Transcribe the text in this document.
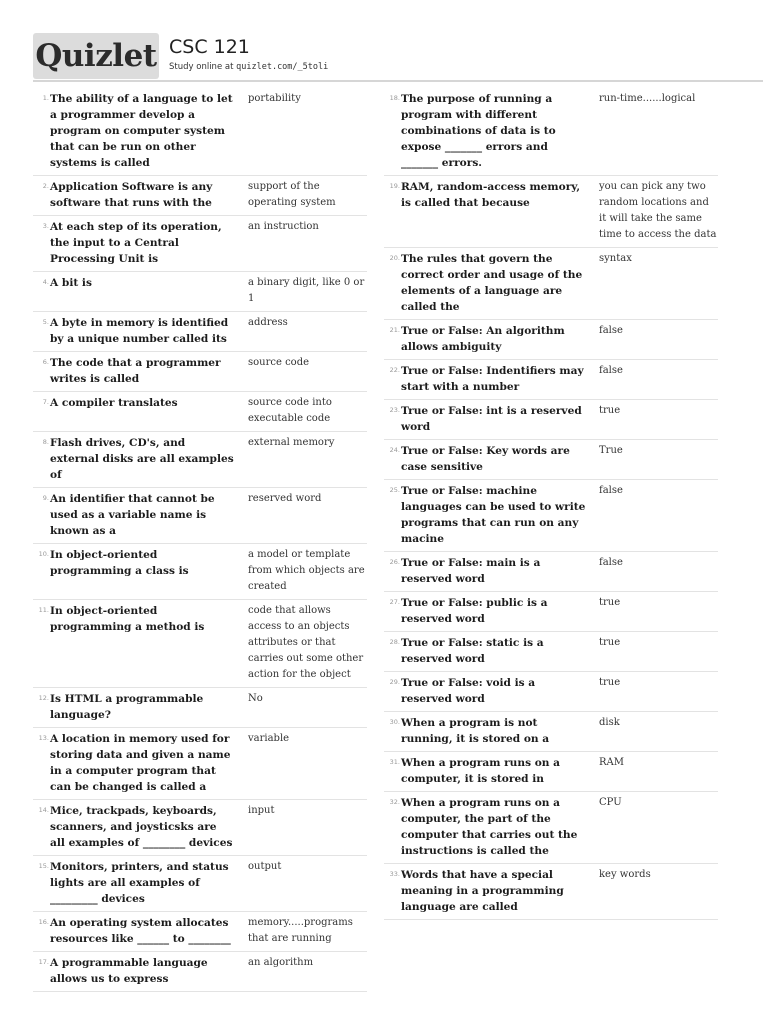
Quizlet CSC 121
Study online at quizlet.com/_5toli
1. The ability of a language to let a programmer develop a program on computer system that can be run on other systems is called
portability
2. Application Software is any software that runs with the
support of the operating system
3. At each step of its operation, the input to a Central Processing Unit is
an instruction
4. A bit is	a binary digit, like 0 or 1
5. A byte in memory is identified by a unique number called its
address
6. The code that a programmer writes is called
source code
7. A compiler translates	source code into executable code
8. Flash drives, CD's, and external disks are all examples of
external memory
9. An identifier that cannot be used as a variable name is known as a
reserved word
10. In object-oriented programming a class is
a model or template from which objects are created
11. In object-oriented programming a method is
code that allows access to an objects attributes or that carries out some other action for the object
12. Is HTML a programmable language?
No
13. A location in memory used for storing data and given a name in a computer program that can be changed is called a
variable
14. Mice, trackpads, keyboards, scanners, and joysticsks are all examples of ________ devices
input
15. Monitors, printers, and status lights are all examples of _________ devices
output
16. An operating system allocates resources like ______ to ________
memory.....programs that are running
17. A programmable language allows us to express
an algorithm
18. The purpose of running a program with different combinations of data is to expose _______ errors and _______ errors.
run-time......logical
19. RAM, random-access memory, is called that because
you can pick any two random locations and it will take the same time to access the data
20. The rules that govern the correct order and usage of the elements of a language are called the
syntax
21. True or False: An algorithm allows ambiguity
false
22. True or False: Indentifiers may start with a number
false
23. True or False: int is a reserved word
true
24. True or False: Key words are case sensitive
True
25. True or False: machine languages can be used to write programs that can run on any macine
false
26. True or False: main is a reserved word
false
27. True or False: public is a reserved word
true
28. True or False: static is a reserved word
true
29. True or False: void is a reserved word
true
30. When a program is not running, it is stored on a
disk
31. When a program runs on a computer, it is stored in
RAM
32. When a program runs on a computer, the part of the computer that carries out the instructions is called the
CPU
33. Words that have a special meaning in a programming language are called
key words
